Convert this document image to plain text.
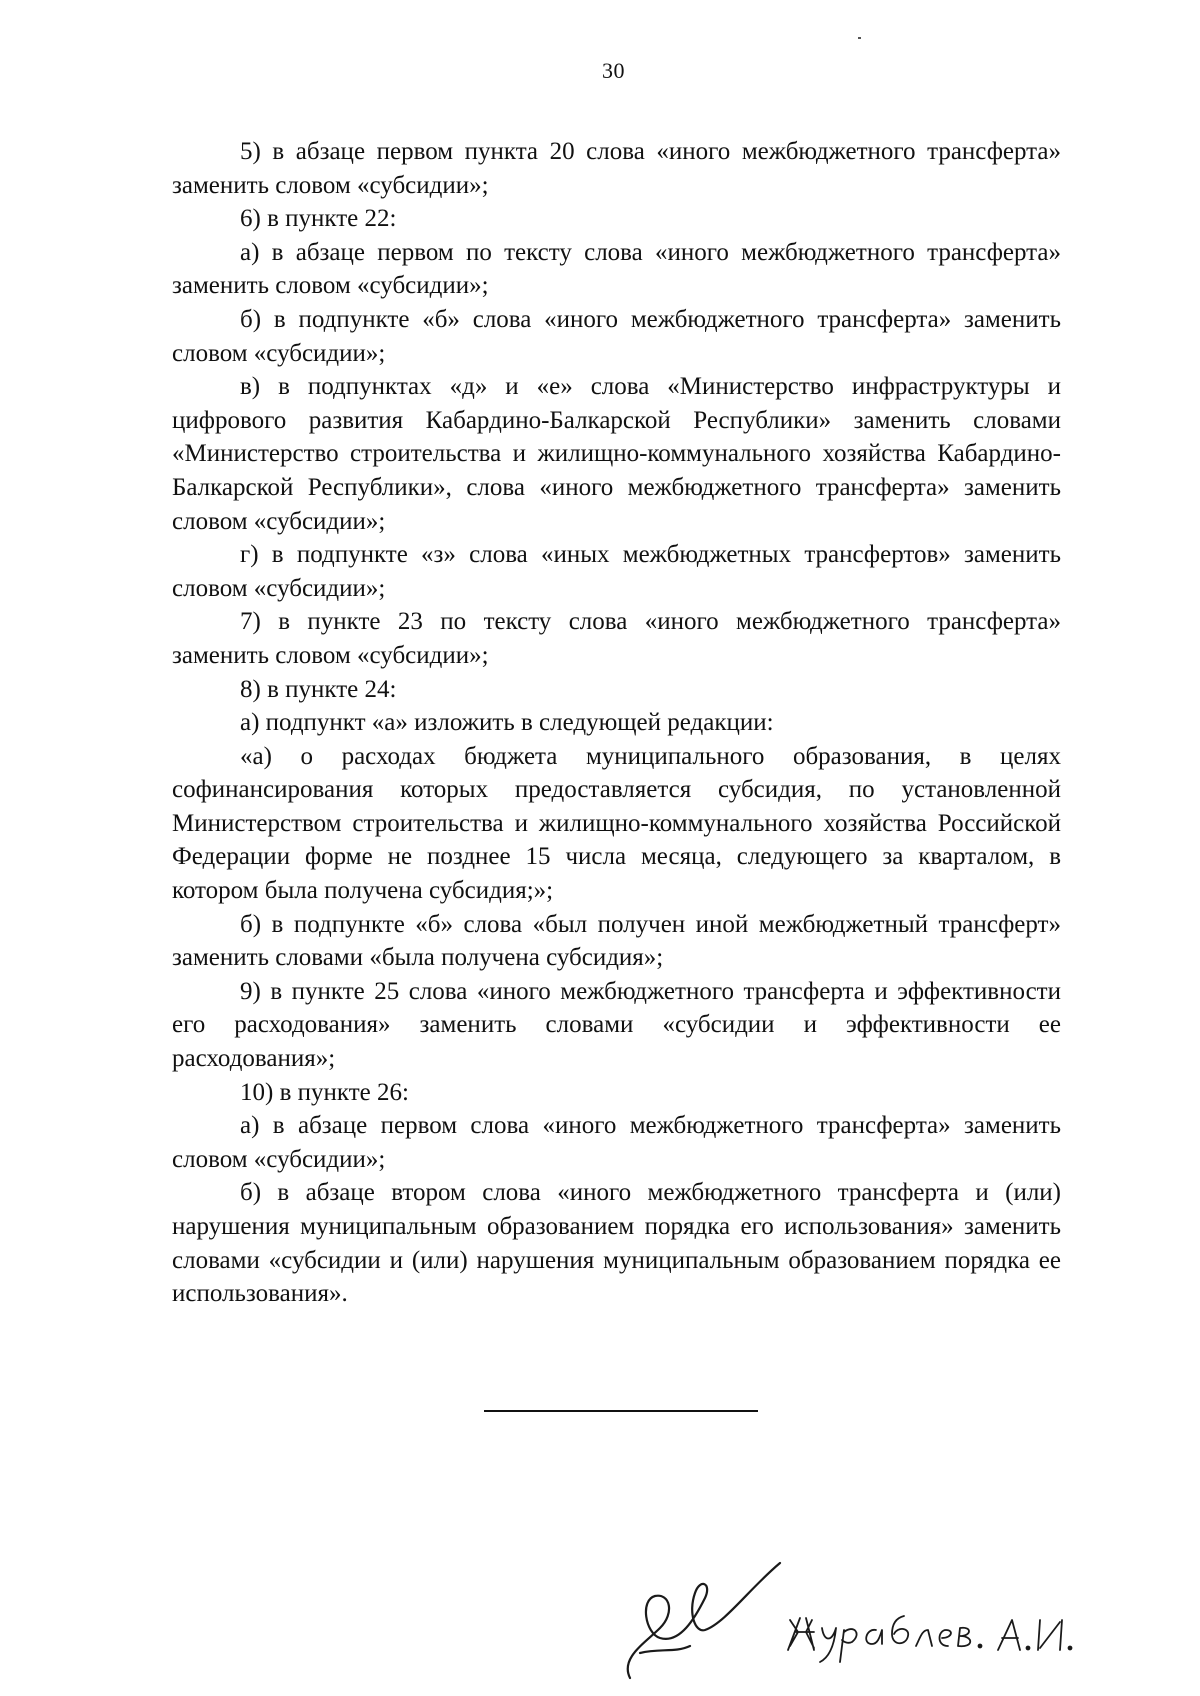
30

5) в абзаце первом пункта 20 слова «иного межбюджетного трансферта» заменить словом «субсидии»;

6) в пункте 22:

а) в абзаце первом по тексту слова «иного межбюджетного трансферта» заменить словом «субсидии»;

б) в подпункте «б» слова «иного межбюджетного трансферта» заменить словом «субсидии»;

в) в подпунктах «д» и «е» слова «Министерство инфраструктуры и цифрового развития Кабардино-Балкарской Республики» заменить словами «Министерство строительства и жилищно-коммунального хозяйства Кабардино-Балкарской Республики», слова «иного межбюджетного трансферта» заменить словом «субсидии»;

г) в подпункте «з» слова «иных межбюджетных трансфертов» заменить словом «субсидии»;

7) в пункте 23 по тексту слова «иного межбюджетного трансферта» заменить словом «субсидии»;

8) в пункте 24:

а) подпункт «а» изложить в следующей редакции:

«а) о расходах бюджета муниципального образования, в целях софинансирования которых предоставляется субсидия, по установленной Министерством строительства и жилищно-коммунального хозяйства Российской Федерации форме не позднее 15 числа месяца, следующего за кварталом, в котором была получена субсидия;»;

б) в подпункте «б» слова «был получен иной межбюджетный трансферт» заменить словами «была получена субсидия»;

9) в пункте 25 слова «иного межбюджетного трансферта и эффективности его расходования» заменить словами «субсидии и эффективности ее расходования»;

10) в пункте 26:

а) в абзаце первом слова «иного межбюджетного трансферта» заменить словом «субсидии»;

б) в абзаце втором слова «иного межбюджетного трансферта и (или) нарушения муниципальным образованием порядка его использования» заменить словами «субсидии и (или) нарушения муниципальным образованием порядка ее использования».
